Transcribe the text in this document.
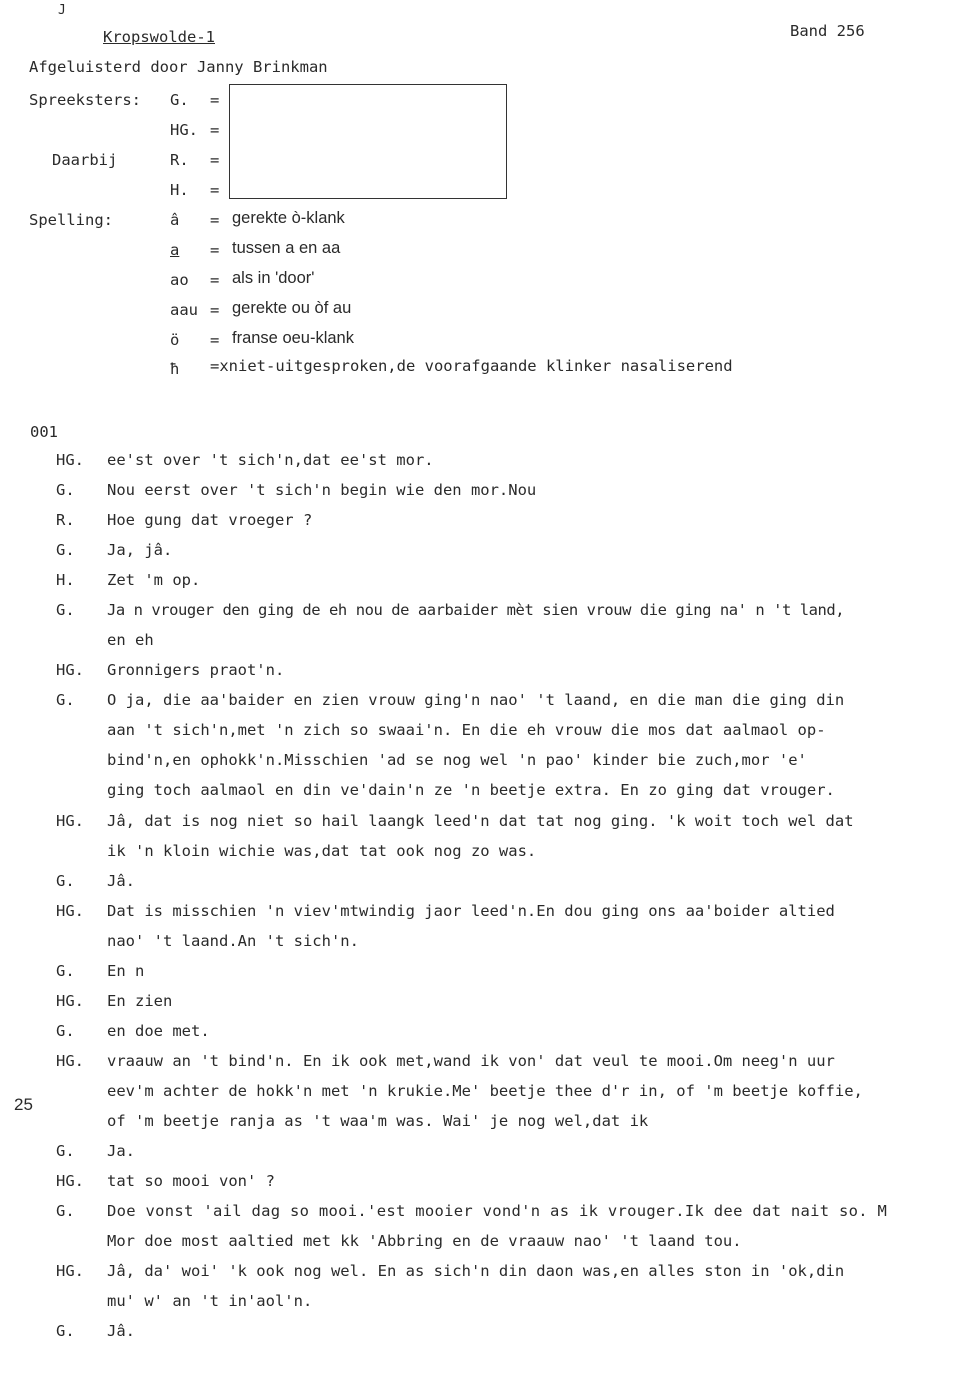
J
Kropswolde-1	Band 256
Afgeluisterd door Janny Brinkman
Spreeksters:
Daarbij
G. =
HG. =
R. =
H. =
Spelling:	â = gerekte ò-klank
a = tussen a en aa
ao = als in 'door'
aau = gerekte ou òf au
ö = franse oeu-klank
ħ =xniet-uitgesproken,de voorafgaande klinker nasaliserend
001
25
HG. ee'st over 't sich'n,dat ee'st mor.
G. Nou eerst over 't sich'n begin wie den mor.Nou
R. Hoe gung dat vroeger ?
G. Ja, jâ.
H. Zet 'm op.
G. Ja n vrouger den ging de eh nou de aarbaider mèt sien vrouw die ging na' n 't land,
en eh
HG. Gronnigers praot'n.
G. O ja, die aa'baider en zien vrouw ging'n nao' 't laand, en die man die ging din
aan 't sich'n,met 'n zich so swaai'n. En die eh vrouw die mos dat aalmaol op-
bind'n,en ophokk'n.Misschien 'ad se nog wel 'n pao' kinder bie zuch,mor 'e'
ging toch aalmaol en din ve'dain'n ze 'n beetje extra. En zo ging dat vrouger.
HG. Jâ, dat is nog niet so hail laangk leed'n dat tat nog ging. 'k woit toch wel dat
ik 'n kloin wichie was,dat tat ook nog zo was.
G. Jâ.
HG. Dat is misschien 'n viev'mtwindig jaor leed'n.En dou ging ons aa'boider altied
nao' 't laand.An 't sich'n.
G. En n
HG. En zien
G. en doe met.
HG. vraauw an 't bind'n. En ik ook met,wand ik von' dat veul te mooi.Om neeg'n uur
eev'm achter de hokk'n met 'n krukie.Me' beetje thee d'r in, of 'm beetje koffie,
of 'm beetje ranja as 't waa'm was. Wai' je nog wel,dat ik
G. Ja.
HG. tat so mooi von' ?
G. Doe vonst 'ail dag so mooi.'est mooier vond'n as ik vrouger.Ik dee dat nait so. M
Mor doe most aaltied met kk 'Abbring en de vraauw nao' 't laand tou.
HG. Jâ, da' woi' 'k ook nog wel. En as sich'n din daon was,en alles ston in 'ok,din
mu' w' an 't in'aol'n.
G. Jâ.
